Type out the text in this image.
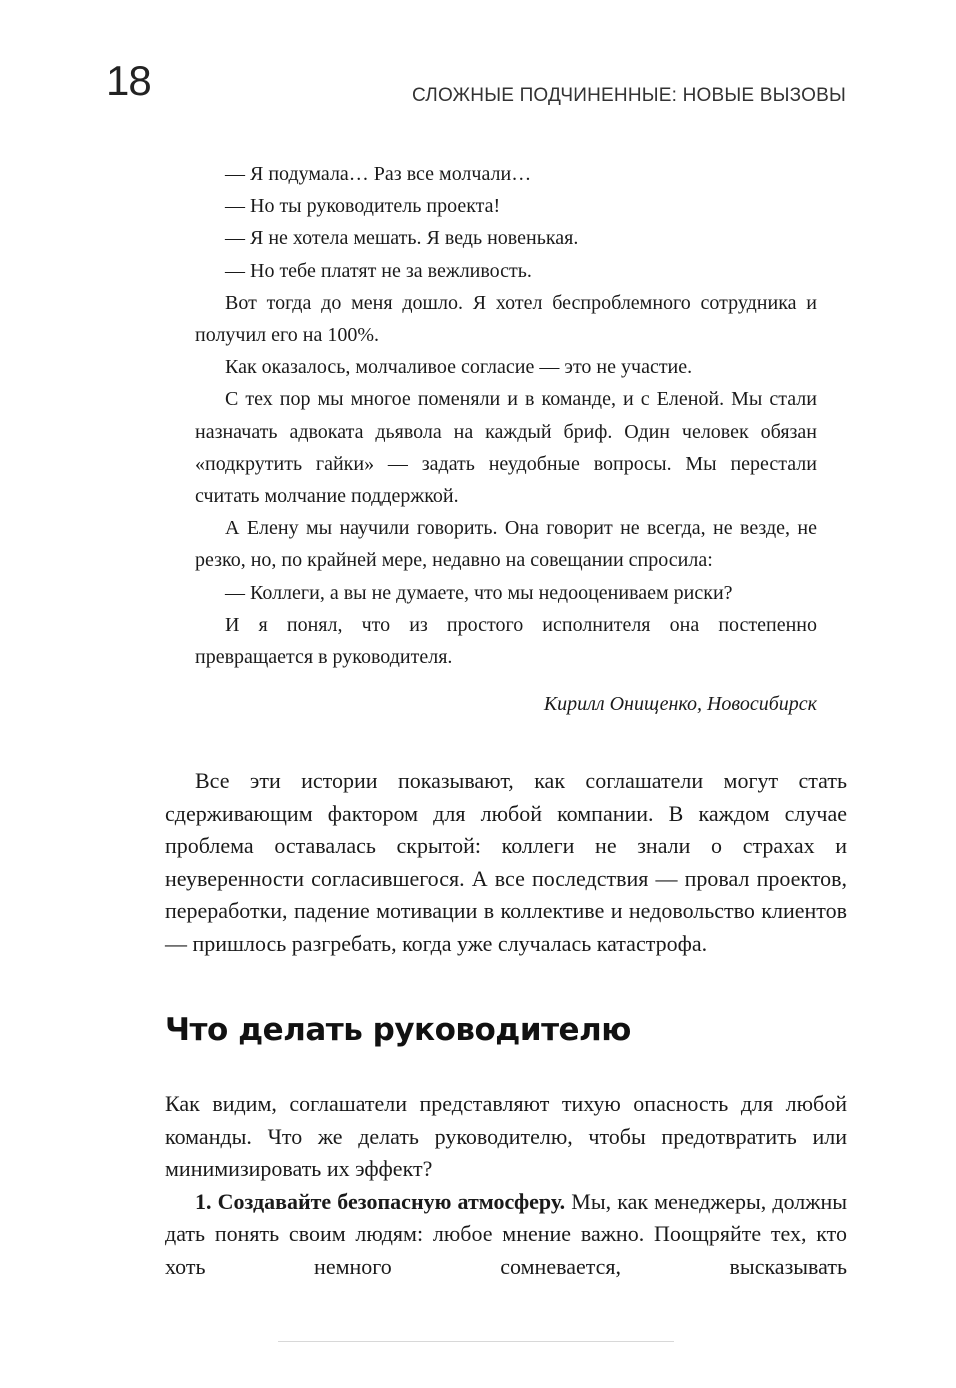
18	СЛОЖНЫЕ ПОДЧИНЕННЫЕ: НОВЫЕ ВЫЗОВЫ

— Я подумала… Раз все молчали…

— Но ты руководитель проекта!

— Я не хотела мешать. Я ведь новенькая.

— Но тебе платят не за вежливость.

Вот тогда до меня дошло. Я хотел беспроблемного сотрудника и получил его на 100%.

Как оказалось, молчаливое согласие — это не участие.

С тех пор мы многое поменяли и в команде, и с Еленой. Мы стали назначать адвоката дьявола на каждый бриф. Один человек обязан «подкрутить гайки» — задать неудобные вопросы. Мы перестали считать молчание поддержкой.

А Елену мы научили говорить. Она говорит не всегда, не везде, не резко, но, по крайней мере, недавно на совещании спросила:

— Коллеги, а вы не думаете, что мы недооцениваем риски?

И я понял, что из простого исполнителя она постепенно превращается в руководителя.

Кирилл Онищенко, Новосибирск

Все эти истории показывают, как соглашатели могут стать сдерживающим фактором для любой компании. В каждом случае проблема оставалась скрытой: коллеги не знали о страхах и неуверенности согласившегося. А все последствия — провал проектов, переработки, падение мотивации в коллективе и недовольство клиентов — пришлось разгребать, когда уже случалась катастрофа.

Что делать руководителю

Как видим, соглашатели представляют тихую опасность для любой команды. Что же делать руководителю, чтобы предотвратить или минимизировать их эффект?

1. Создавайте безопасную атмосферу. Мы, как менеджеры, должны дать понять своим людям: любое мнение важно. Поощряйте тех, кто хоть немного сомневается, высказывать
